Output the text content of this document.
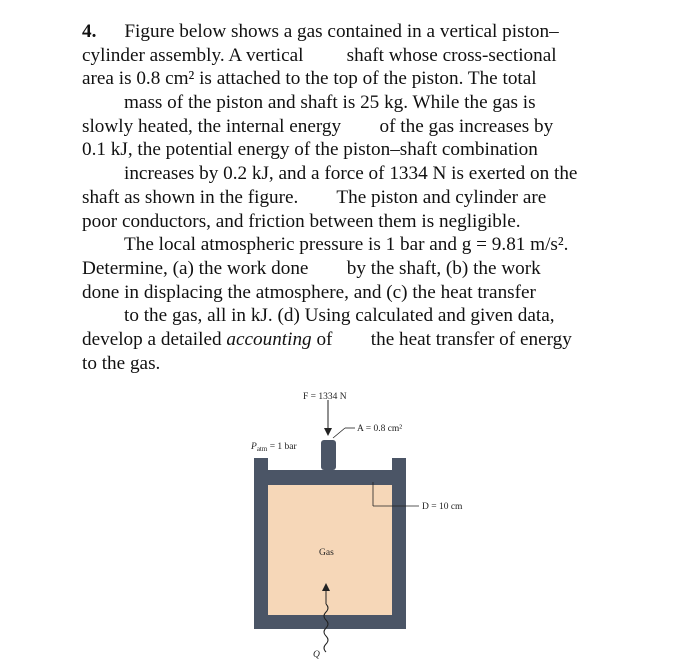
4. Figure below shows a gas contained in a vertical piston–
cylinder assembly. A vertical         shaft whose cross-sectional
area is 0.8 cm² is attached to the top of the piston. The total
mass of the piston and shaft is 25 kg. While the gas is
slowly heated, the internal energy        of the gas increases by
0.1 kJ, the potential energy of the piston–shaft combination
increases by 0.2 kJ, and a force of 1334 N is exerted on the
shaft as shown in the figure.        The piston and cylinder are
poor conductors, and friction between them is negligible.
The local atmospheric pressure is 1 bar and g = 9.81 m/s².
Determine, (a) the work done        by the shaft, (b) the work
done in displacing the atmosphere, and (c) the heat transfer
to the gas, all in kJ. (d) Using calculated and given data,
develop a detailed accounting of        the heat transfer of energy
to the gas.
F = 1334 N
A = 0.8 cm²
$P_{atm} = 1$ bar
D = 10 cm
Gas
Q
